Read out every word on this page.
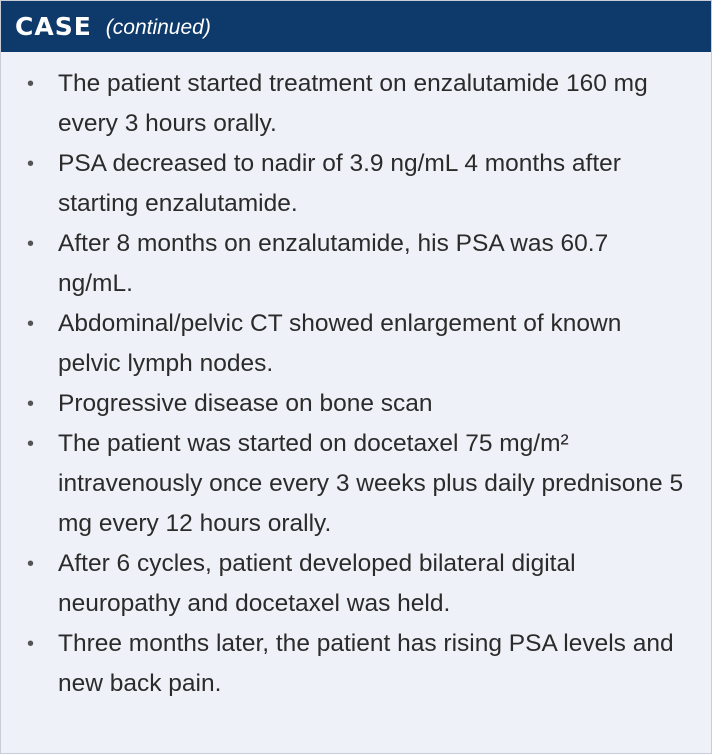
CASE (continued)
• The patient started treatment on enzalutamide 160 mg every 3 hours orally.
• PSA decreased to nadir of 3.9 ng/mL 4 months after starting enzalutamide.
• After 8 months on enzalutamide, his PSA was 60.7 ng/mL.
• Abdominal/pelvic CT showed enlargement of known pelvic lymph nodes.
• Progressive disease on bone scan
• The patient was started on docetaxel 75 mg/m² intravenously once every 3 weeks plus daily prednisone 5 mg every 12 hours orally.
• After 6 cycles, patient developed bilateral digital neuropathy and docetaxel was held.
• Three months later, the patient has rising PSA levels and new back pain.
